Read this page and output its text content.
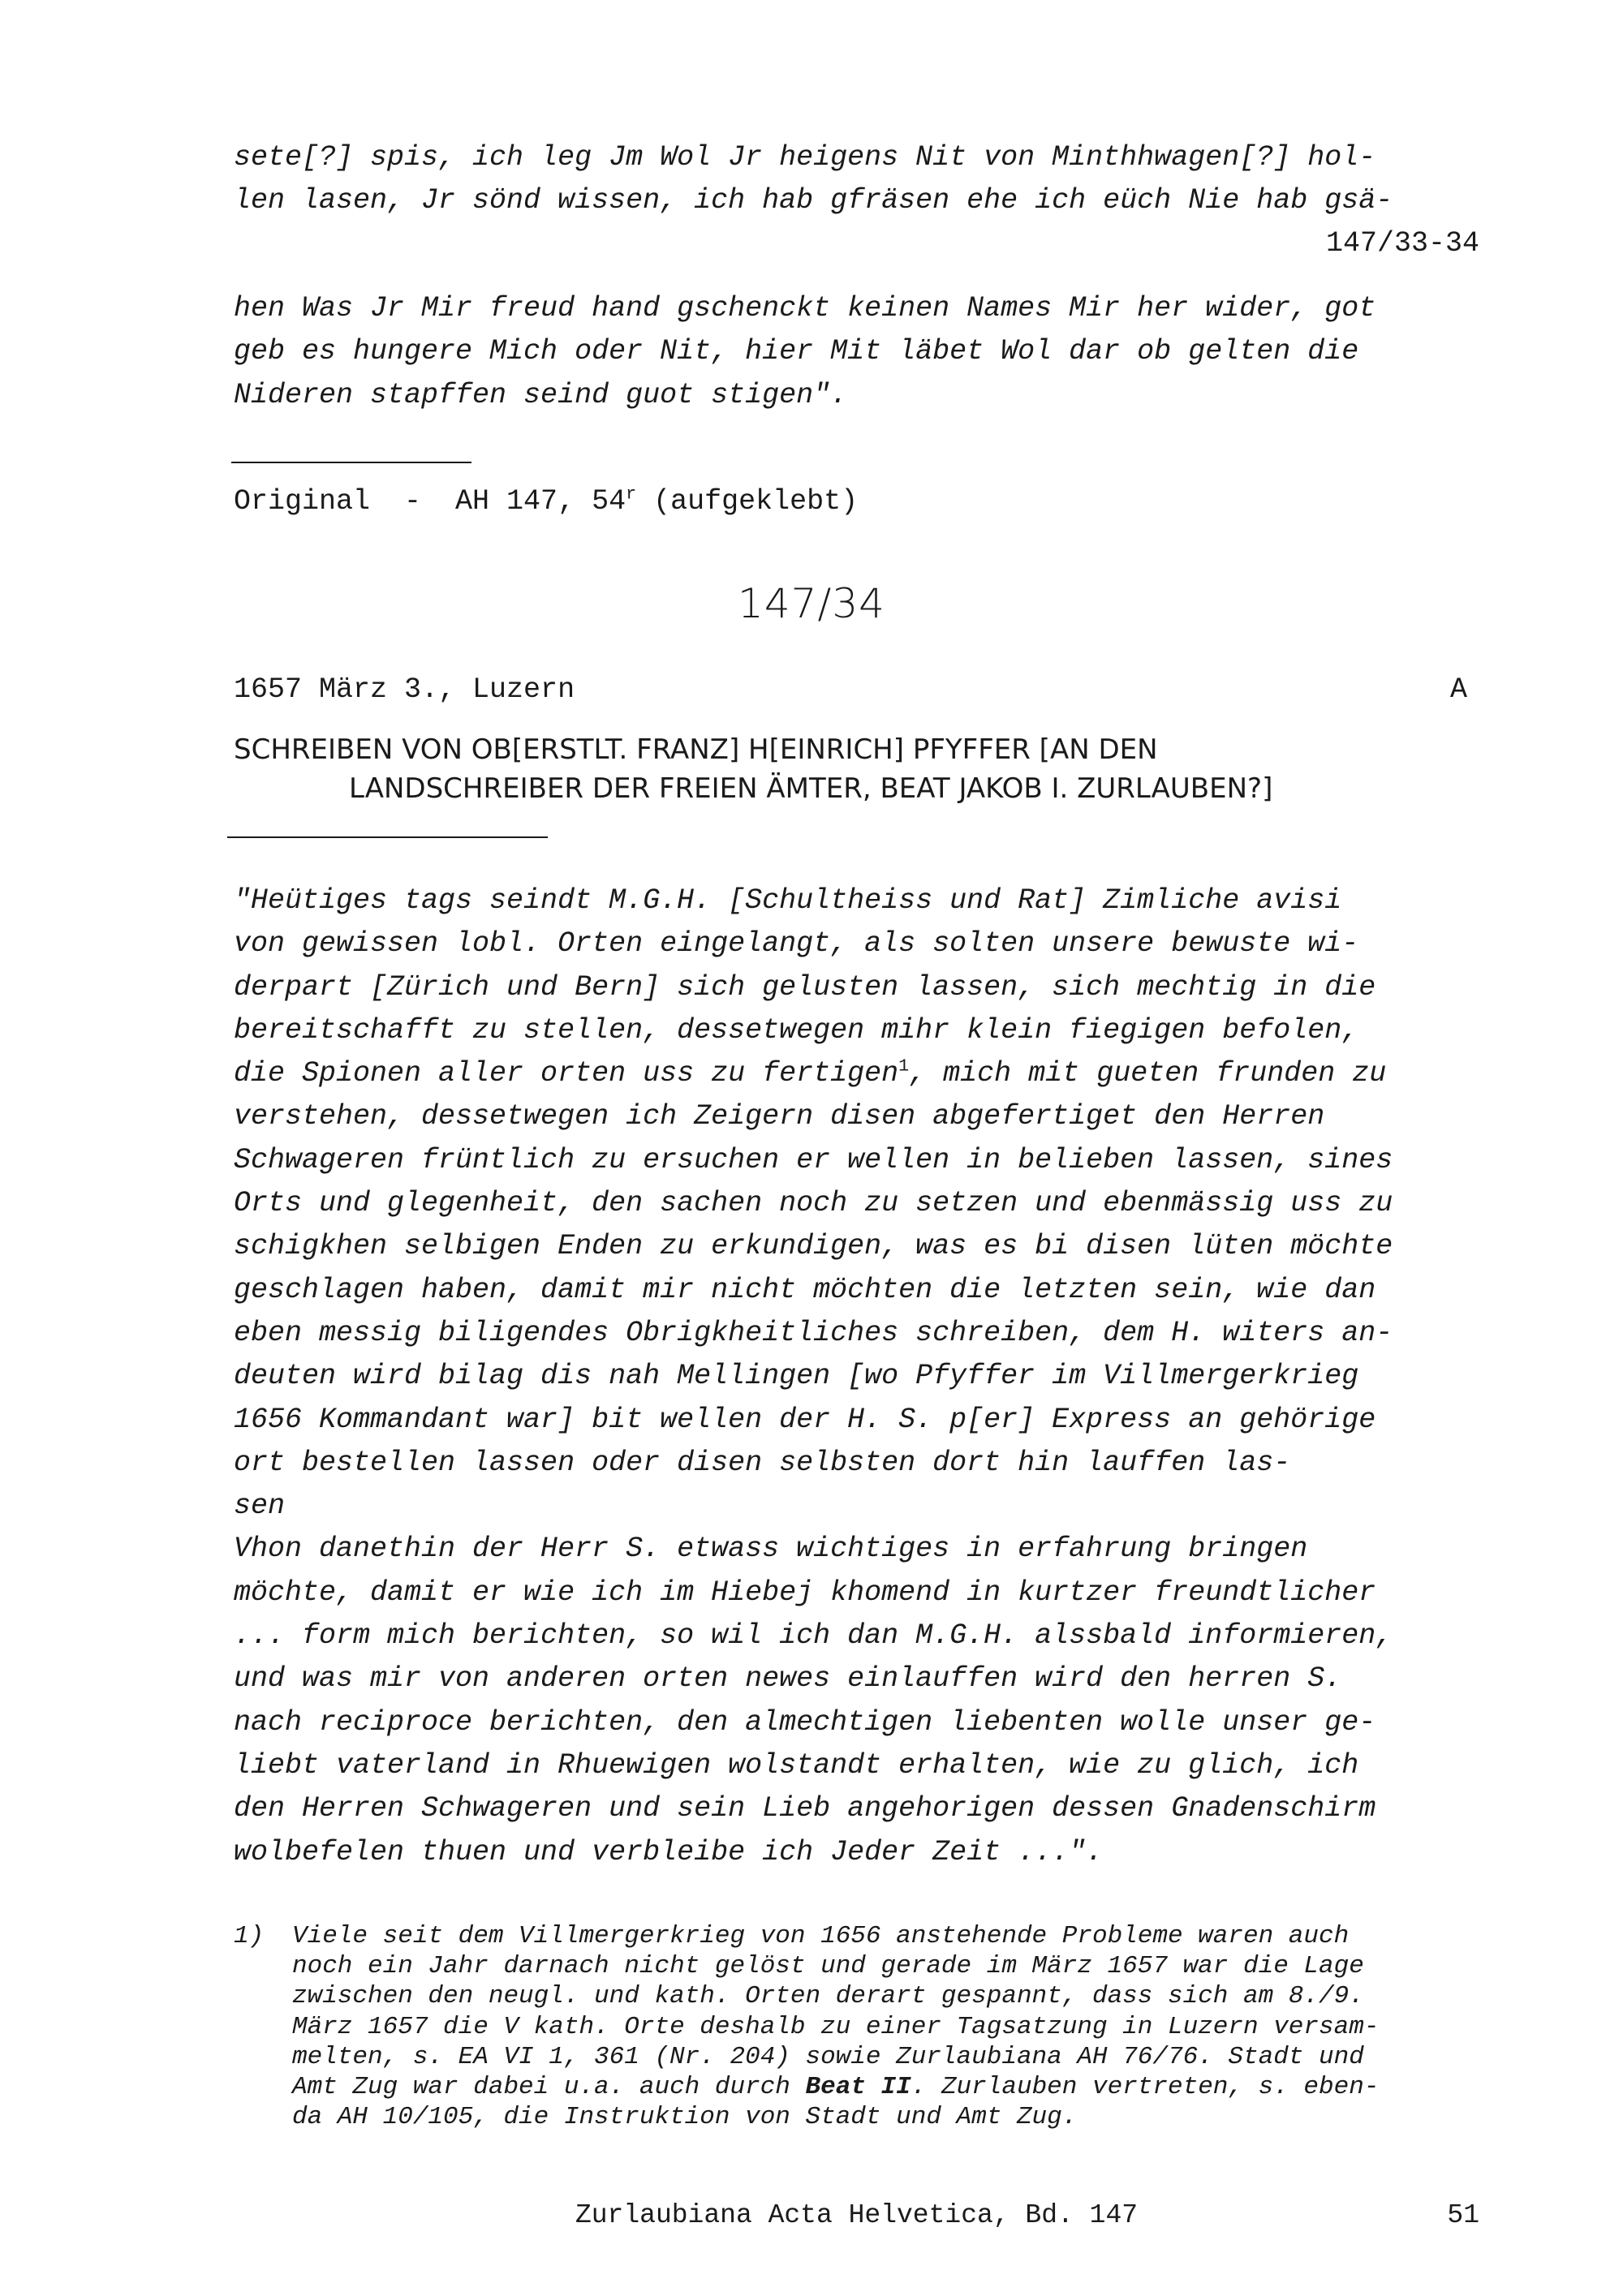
sete[?] spis, ich leg Jm Wol Jr heigens Nit von Minthhwagen[?] hol-
len lasen, Jr sönd wissen, ich hab gfräsen ehe ich eüch Nie hab gsä-
147/33-34
hen Was Jr Mir freud hand gschenckt keinen Names Mir her wider, got
geb es hungere Mich oder Nit, hier Mit läbet Wol dar ob gelten die
Nideren stapffen seind guot stigen".
Original  -  AH 147, 54$^r$ (aufgeklebt)
147/34
1657 März 3., Luzern	A
SCHREIBEN VON OB[ERSTLT. FRANZ] H[EINRICH] PFYFFER [AN DEN
LANDSCHREIBER DER FREIEN ÄMTER, BEAT JAKOB I. ZURLAUBEN?]
"Heütiges tags seindt M.G.H. [Schultheiss und Rat] Zimliche avisi
von gewissen lobl. Orten eingelangt, als solten unsere bewuste wi-
derpart [Zürich und Bern] sich gelusten lassen, sich mechtig in die
bereitschafft zu stellen, dessetwegen mihr klein fiegigen befolen,
die Spionen aller orten uss zu fertigen$^1$, mich mit gueten frunden zu
verstehen, dessetwegen ich Zeigern disen abgefertiget den Herren
Schwageren früntlich zu ersuchen er wellen in belieben lassen, sines
Orts und glegenheit, den sachen noch zu setzen und ebenmässig uss zu
schigkhen selbigen Enden zu erkundigen, was es bi disen lüten möchte
geschlagen haben, damit mir nicht möchten die letzten sein, wie dan
eben messig biligendes Obrigkheitliches schreiben, dem H. witers an-
deuten wird bilag dis nah Mellingen [wo Pfyffer im Villmergerkrieg
1656 Kommandant war] bit wellen der H. S. p[er] Express an gehörige
ort bestellen lassen oder disen selbsten dort hin lauffen las-
sen
Vhon danethin der Herr S. etwass wichtiges in erfahrung bringen
möchte, damit er wie ich im Hiebej khomend in kurtzer freundtlicher
... form mich berichten, so wil ich dan M.G.H. alssbald informieren,
und was mir von anderen orten newes einlauffen wird den herren S.
nach reciproce berichten, den almechtigen liebenten wolle unser ge-
liebt vaterland in Rhuewigen wolstandt erhalten, wie zu glich, ich
den Herren Schwageren und sein Lieb angehorigen dessen Gnadenschirm
wolbefelen thuen und verbleibe ich Jeder Zeit ...".
1) Viele seit dem Villmergerkrieg von 1656 anstehende Probleme waren auch
noch ein Jahr darnach nicht gelöst und gerade im März 1657 war die Lage
zwischen den neugl. und kath. Orten derart gespannt, dass sich am 8./9.
März 1657 die V kath. Orte deshalb zu einer Tagsatzung in Luzern versam-
melten, s. EA VI 1, 361 (Nr. 204) sowie Zurlaubiana AH 76/76. Stadt und
Amt Zug war dabei u.a. auch durch Beat II. Zurlauben vertreten, s. eben-
da AH 10/105, die Instruktion von Stadt und Amt Zug.
Zurlaubiana Acta Helvetica, Bd. 147	51
